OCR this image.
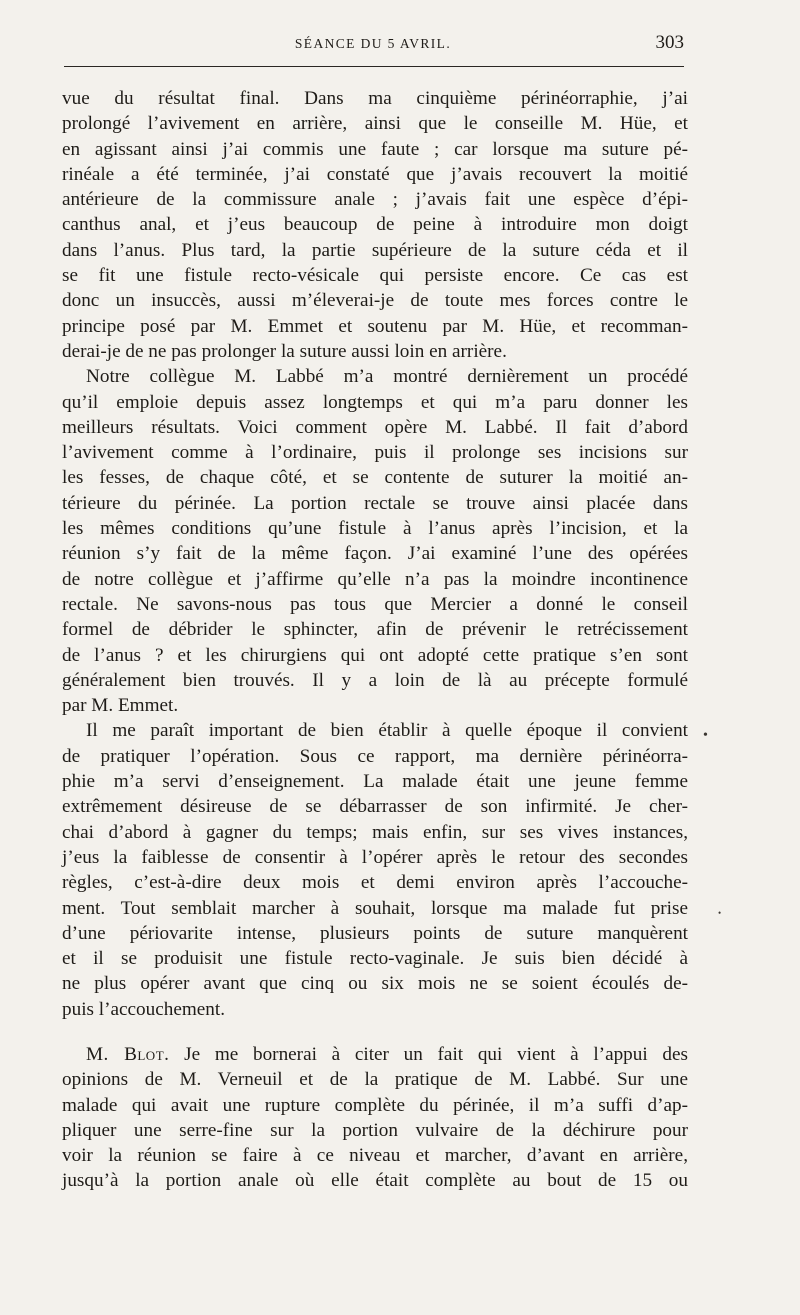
SÉANCE DU 5 AVRIL.	303
vue du résultat final. Dans ma cinquième périnéorraphie, j’ai
prolongé l’avivement en arrière, ainsi que le conseille M. Hüe, et
en agissant ainsi j’ai commis une faute ; car lorsque ma suture pé-
rinéale a été terminée, j’ai constaté que j’avais recouvert la moitié
antérieure de la commissure anale ; j’avais fait une espèce d’épi-
canthus anal, et j’eus beaucoup de peine à introduire mon doigt
dans l’anus. Plus tard, la partie supérieure de la suture céda et il
se fit une fistule recto-vésicale qui persiste encore. Ce cas est
donc un insuccès, aussi m’éleverai-je de toute mes forces contre le
principe posé par M. Emmet et soutenu par M. Hüe, et recomman-
derai-je de ne pas prolonger la suture aussi loin en arrière.
Notre collègue M. Labbé m’a montré dernièrement un procédé
qu’il emploie depuis assez longtemps et qui m’a paru donner les
meilleurs résultats. Voici comment opère M. Labbé. Il fait d’abord
l’avivement comme à l’ordinaire, puis il prolonge ses incisions sur
les fesses, de chaque côté, et se contente de suturer la moitié an-
térieure du périnée. La portion rectale se trouve ainsi placée dans
les mêmes conditions qu’une fistule à l’anus après l’incision, et la
réunion s’y fait de la même façon. J’ai examiné l’une des opérées
de notre collègue et j’affirme qu’elle n’a pas la moindre incontinence
rectale. Ne savons-nous pas tous que Mercier a donné le conseil
formel de débrider le sphincter, afin de prévenir le retrécissement
de l’anus ? et les chirurgiens qui ont adopté cette pratique s’en sont
généralement bien trouvés. Il y a loin de là au précepte formulé
par M. Emmet.
Il me paraît important de bien établir à quelle époque il convient
de pratiquer l’opération. Sous ce rapport, ma dernière périnéorra-
phie m’a servi d’enseignement. La malade était une jeune femme
extrêmement désireuse de se débarrasser de son infirmité. Je cher-
chai d’abord à gagner du temps; mais enfin, sur ses vives instances,
j’eus la faiblesse de consentir à l’opérer après le retour des secondes
règles, c’est-à-dire deux mois et demi environ après l’accouche-
ment. Tout semblait marcher à souhait, lorsque ma malade fut prise
d’une périovarite intense, plusieurs points de suture manquèrent
et il se produisit une fistule recto-vaginale. Je suis bien décidé à
ne plus opérer avant que cinq ou six mois ne se soient écoulés de-
puis l’accouchement.
M. Blot. Je me bornerai à citer un fait qui vient à l’appui des
opinions de M. Verneuil et de la pratique de M. Labbé. Sur une
malade qui avait une rupture complète du périnée, il m’a suffi d’ap-
pliquer une serre-fine sur la portion vulvaire de la déchirure pour
voir la réunion se faire à ce niveau et marcher, d’avant en arrière,
jusqu’à la portion anale où elle était complète au bout de 15 ou
•
•
